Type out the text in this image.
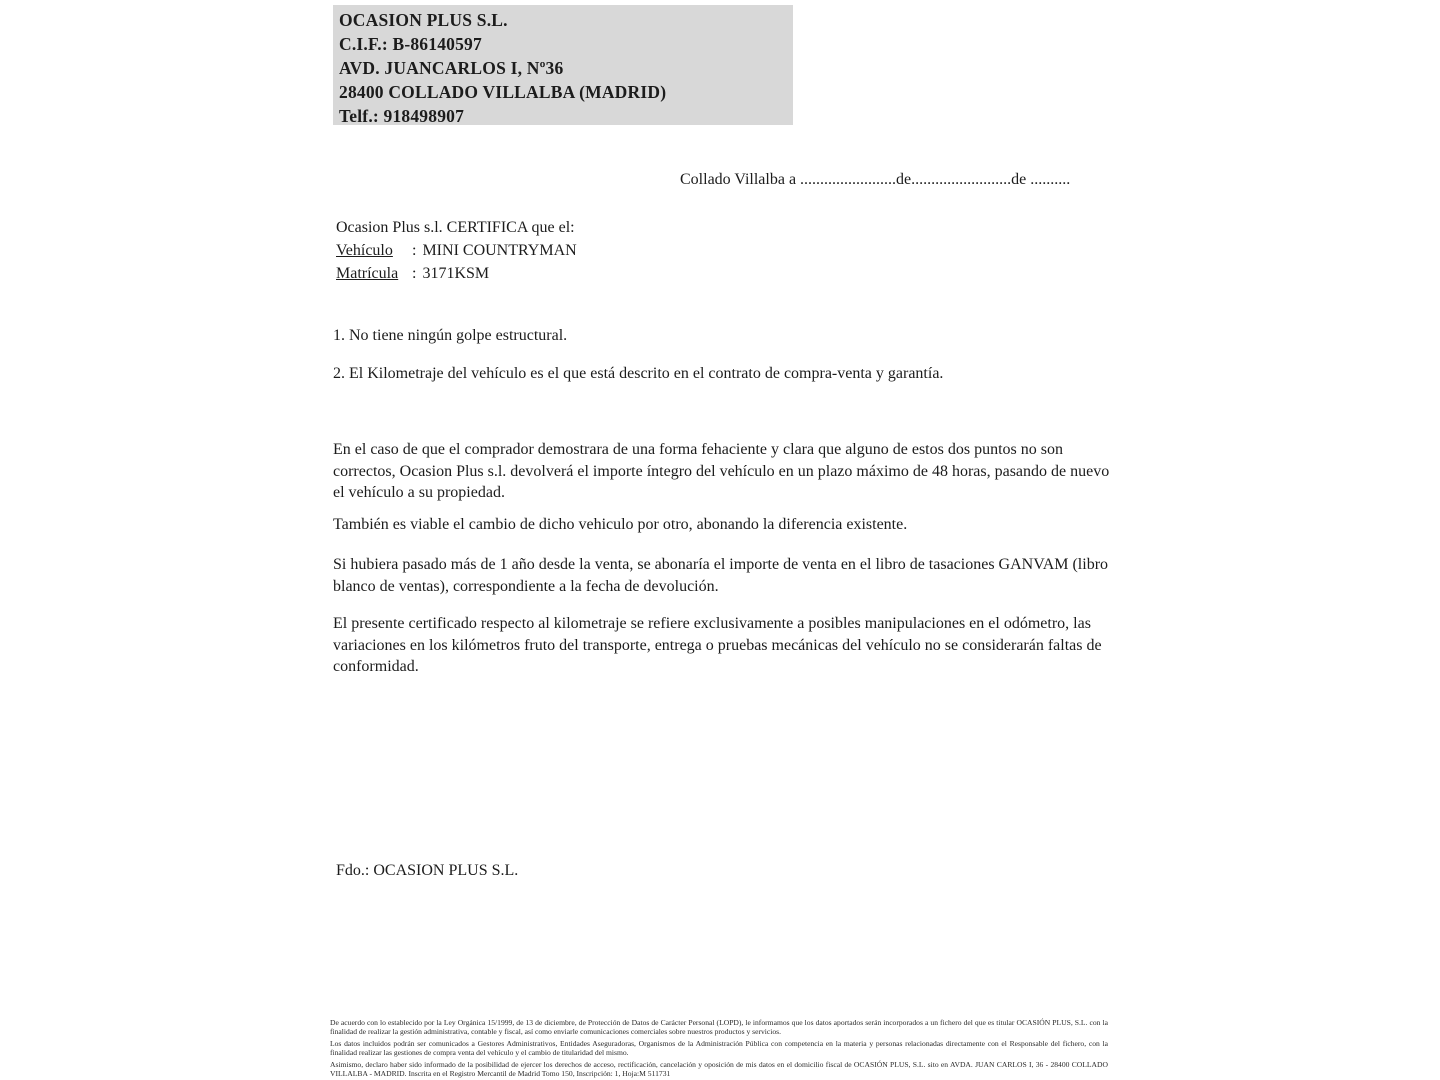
OCASION PLUS S.L.
C.I.F.: B-86140597
AVD. JUANCARLOS I, Nº36
28400 COLLADO VILLALBA (MADRID)
Telf.: 918498907
Collado Villalba a ........................de.........................de ..........
Ocasion Plus s.l. CERTIFICA que el:
Vehículo	: MINI COUNTRYMAN
Matrícula : 3171KSM
1. No tiene ningún golpe estructural.
2. El Kilometraje del vehículo es el que está descrito en el contrato de compra-venta y garantía.
En el caso de que el comprador demostrara de una forma fehaciente y clara que alguno de estos dos puntos no son correctos, Ocasion Plus s.l. devolverá el importe íntegro del vehículo en un plazo máximo de 48 horas, pasando de nuevo el vehículo a su propiedad.
También es viable el cambio de dicho vehiculo por otro, abonando la diferencia existente.
Si hubiera pasado más de 1 año desde la venta, se abonaría el importe de venta en el libro de tasaciones GANVAM (libro blanco de ventas), correspondiente a la fecha de devolución.
El presente certificado respecto al kilometraje se refiere exclusivamente a posibles manipulaciones en el odómetro, las variaciones en los kilómetros fruto del transporte, entrega o pruebas mecánicas del vehículo no se considerarán faltas de conformidad.
Fdo.: OCASION PLUS S.L.
De acuerdo con lo establecido por la Ley Orgánica 15/1999, de 13 de diciembre, de Protección de Datos de Carácter Personal (LOPD), le informamos que los datos aportados serán incorporados a un fichero del que es titular OCASIÓN PLUS, S.L. con la finalidad de realizar la gestión administrativa, contable y fiscal, así como enviarle comunicaciones comerciales sobre nuestros productos y servicios.
Los datos incluidos podrán ser comunicados a Gestores Administrativos, Entidades Aseguradoras, Organismos de la Administración Pública con competencia en la materia y personas relacionadas directamente con el Responsable del fichero, con la finalidad realizar las gestiones de compra venta del vehículo y el cambio de titularidad del mismo.
Asimismo, declaro haber sido informado de la posibilidad de ejercer los derechos de acceso, rectificación, cancelación y oposición de mis datos en el domicilio fiscal de OCASIÓN PLUS, S.L. sito en AVDA. JUAN CARLOS I, 36 - 28400 COLLADO VILLALBA - MADRID. Inscrita en el Registro Mercantil de Madrid Tomo 150, Inscripción: 1, Hoja:M 511731
